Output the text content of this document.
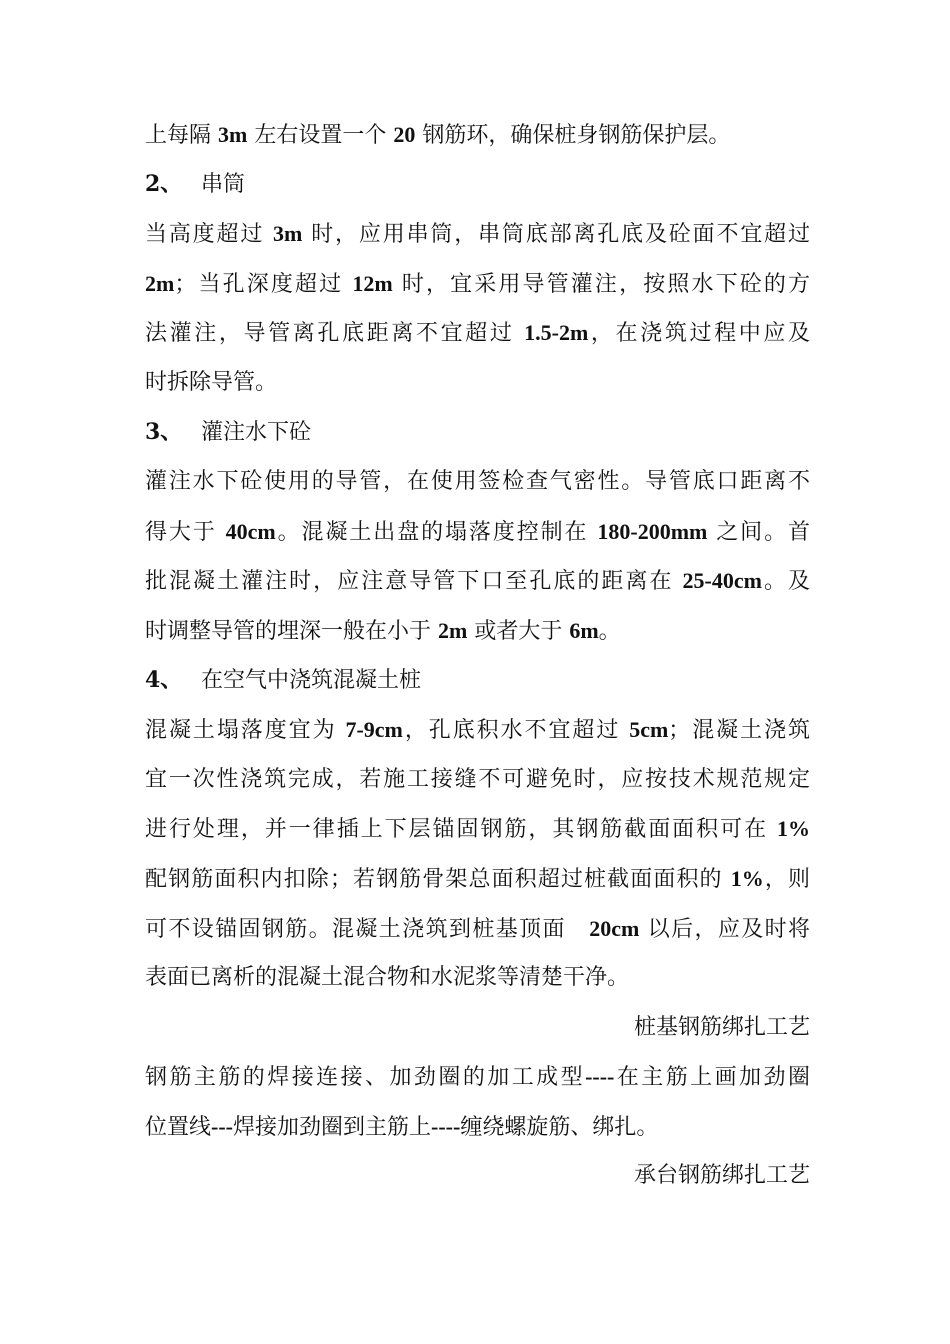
上每隔 3m 左右设置一个 20 钢筋环，确保桩身钢筋保护层。
2、 串筒
当高度超过 3m 时，应用串筒，串筒底部离孔底及砼面不宜超过
2m；当孔深度超过 12m 时，宜采用导管灌注，按照水下砼的方
法灌注，导管离孔底距离不宜超过 1.5-2m，在浇筑过程中应及
时拆除导管。
3、 灌注水下砼
灌注水下砼使用的导管，在使用签检查气密性。导管底口距离不
得大于 40cm。混凝土出盘的塌落度控制在 180-200mm 之间。首
批混凝土灌注时，应注意导管下口至孔底的距离在 25-40cm。及
时调整导管的埋深一般在小于 2m 或者大于 6m。
4、 在空气中浇筑混凝土桩
混凝土塌落度宜为 7-9cm，孔底积水不宜超过 5cm；混凝土浇筑
宜一次性浇筑完成，若施工接缝不可避免时，应按技术规范规定
进行处理，并一律插上下层锚固钢筋，其钢筋截面面积可在 1%
配钢筋面积内扣除；若钢筋骨架总面积超过桩截面面积的 1%，则
可不设锚固钢筋。混凝土浇筑到桩基顶面　20cm 以后，应及时将
表面已离析的混凝土混合物和水泥浆等清楚干净。
桩基钢筋绑扎工艺
钢筋主筋的焊接连接、加劲圈的加工成型----在主筋上画加劲圈
位置线---焊接加劲圈到主筋上----缠绕螺旋筋、绑扎。
承台钢筋绑扎工艺
